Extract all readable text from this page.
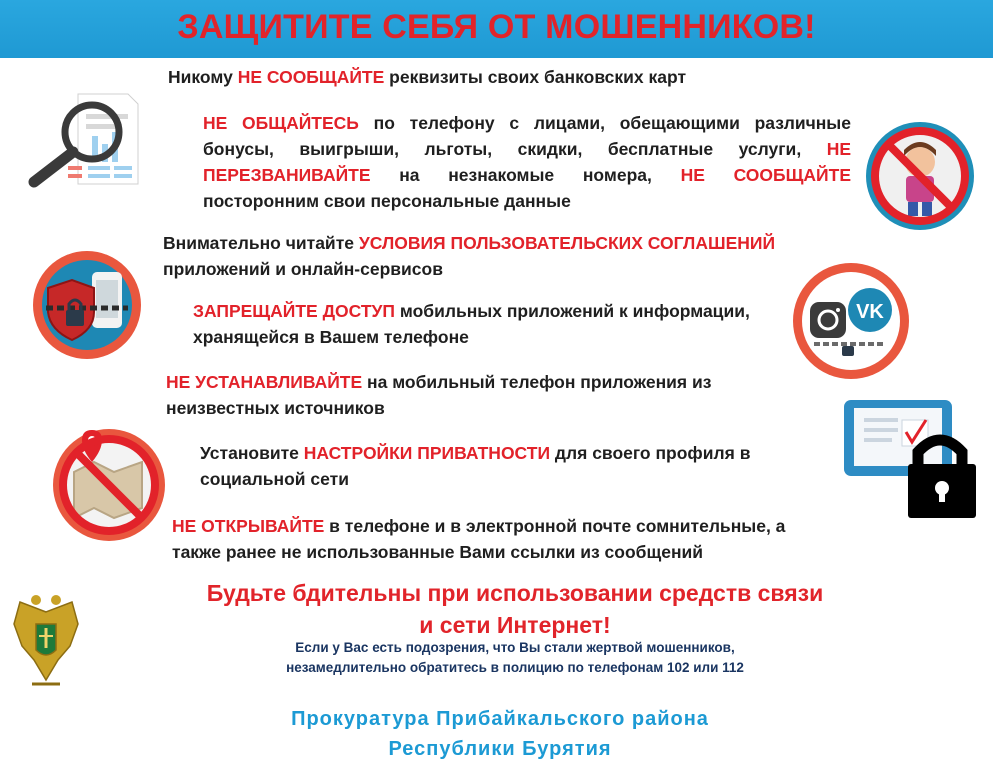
ЗАЩИТИТЕ СЕБЯ ОТ МОШЕННИКОВ!
VK
Никому НЕ СООБЩАЙТЕ реквизиты своих банковских карт
НЕ ОБЩАЙТЕСЬ по телефону с лицами, обещающими различные бонусы, выигрыши, льготы, скидки, бесплатные услуги, НЕ ПЕРЕЗВАНИВАЙТЕ на незнакомые номера, НЕ СООБЩАЙТЕ посторонним свои персональные данные
Внимательно читайте УСЛОВИЯ ПОЛЬЗОВАТЕЛЬСКИХ СОГЛАШЕНИЙ приложений и онлайн-сервисов
ЗАПРЕЩАЙТЕ ДОСТУП мобильных приложений к информации, хранящейся в Вашем телефоне
НЕ УСТАНАВЛИВАЙТЕ на мобильный телефон приложения из неизвестных источников
Установите НАСТРОЙКИ ПРИВАТНОСТИ для своего профиля в социальной сети
НЕ ОТКРЫВАЙТЕ в телефоне и в электронной почте сомнительные, а также ранее не использованные Вами ссылки из сообщений
Будьте бдительны при использовании средств связи
и сети Интернет!
Если у Вас есть подозрения, что Вы стали жертвой мошенников,
незамедлительно обратитесь в полицию по телефонам 102 или 112
Прокуратура Прибайкальского района
Республики Бурятия
